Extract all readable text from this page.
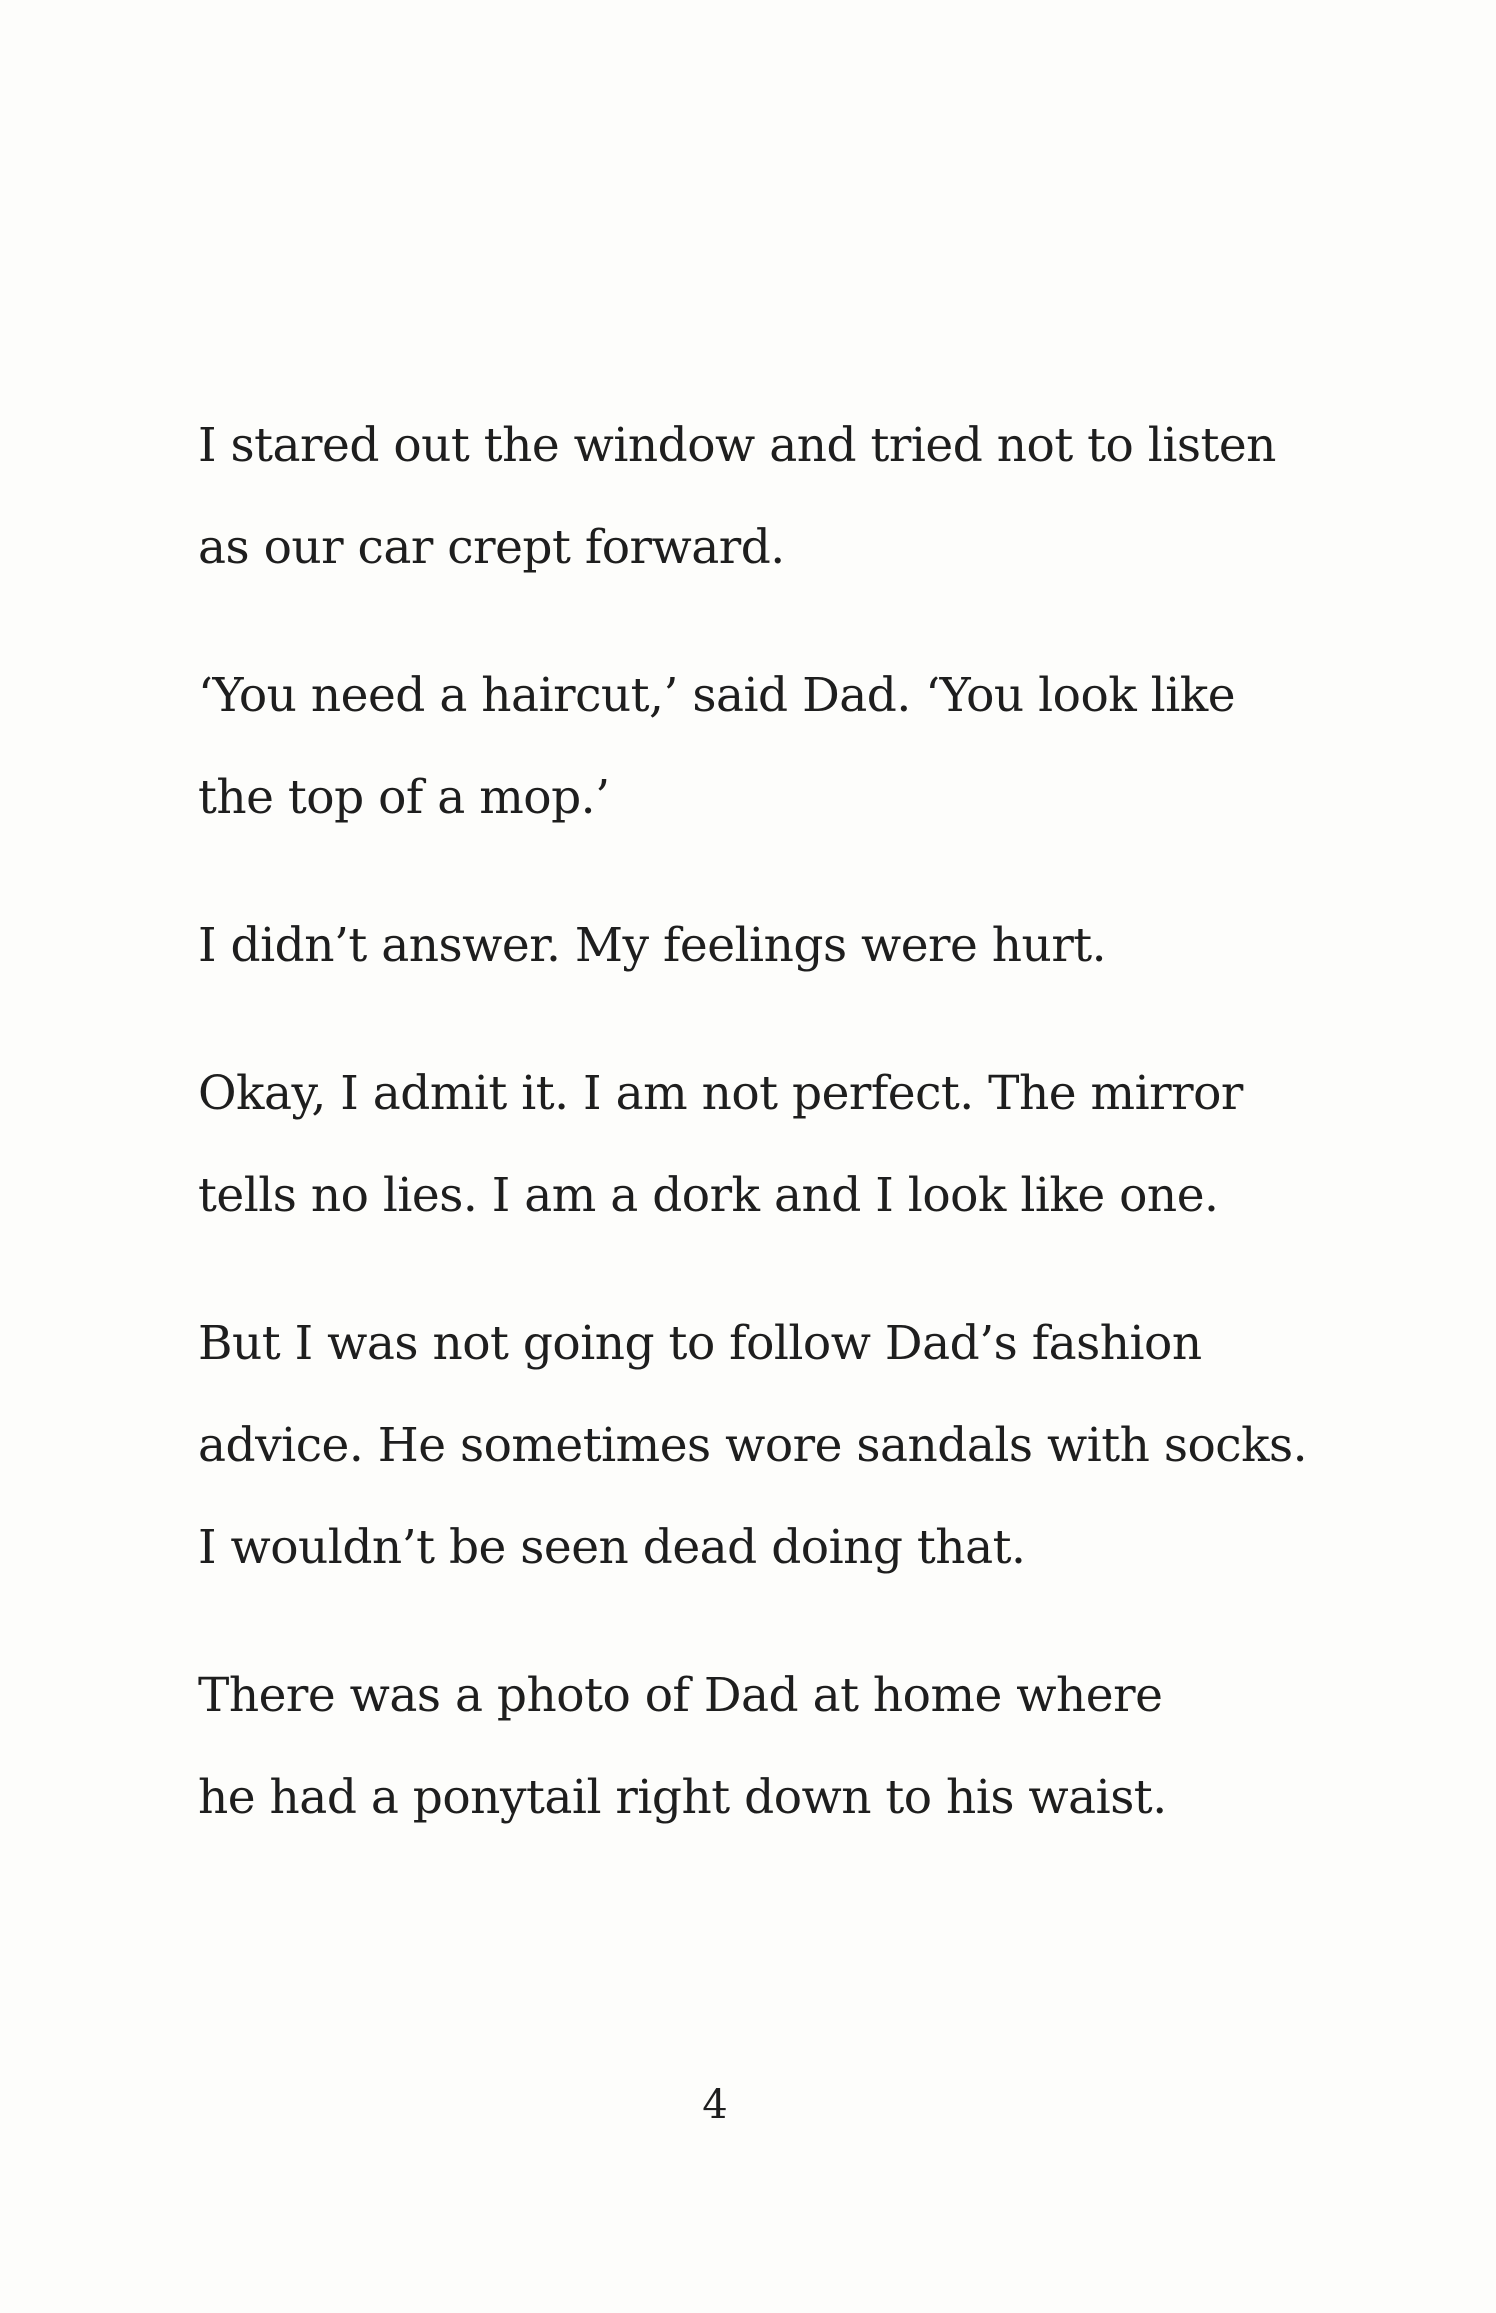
I stared out the window and tried not to listen
as our car crept forward.
‘You need a haircut,’ said Dad. ‘You look like
the top of a mop.’
I didn’t answer. My feelings were hurt.
Okay, I admit it. I am not perfect. The mirror
tells no lies. I am a dork and I look like one.
But I was not going to follow Dad’s fashion
advice. He sometimes wore sandals with socks.
I wouldn’t be seen dead doing that.
There was a photo of Dad at home where
he had a ponytail right down to his waist.
4
